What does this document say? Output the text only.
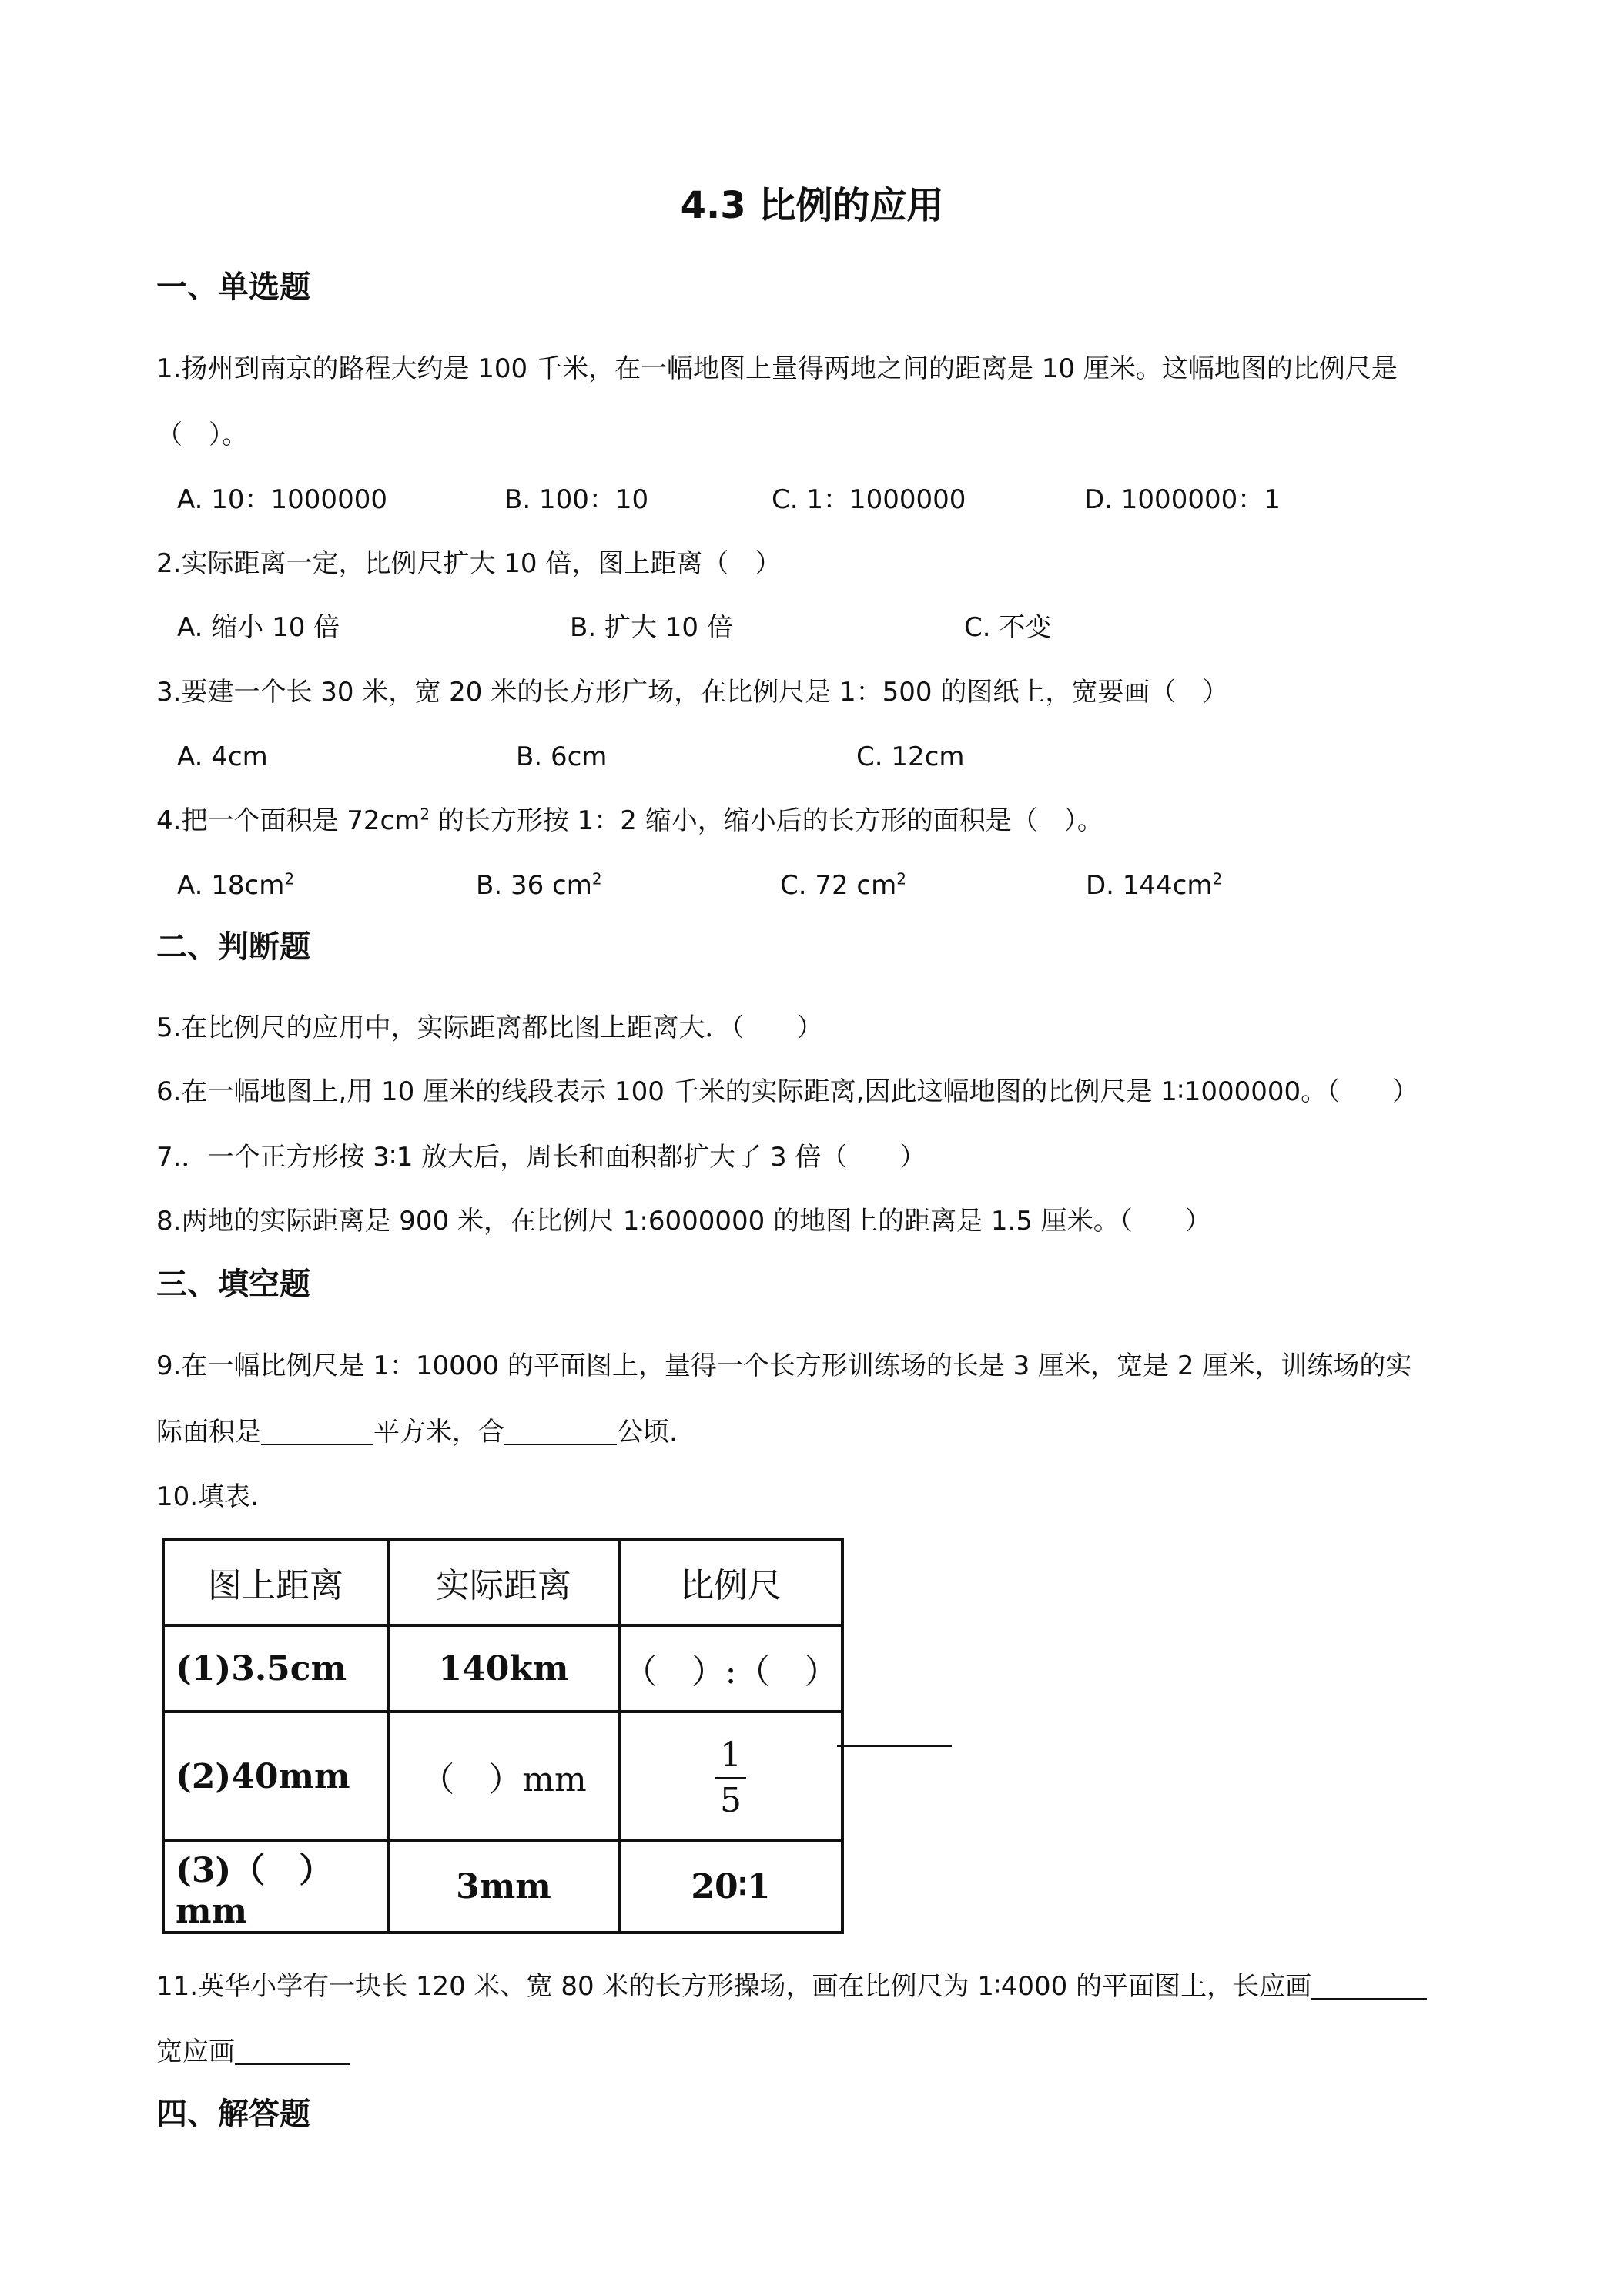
4.3 比例的应用
一、单选题
1.扬州到南京的路程大约是 100 千米，在一幅地图上量得两地之间的距离是 10 厘米。这幅地图的比例尺是
（　）。
A. 10：1000000	B. 100：10	C. 1：1000000	D. 1000000：1
2.实际距离一定，比例尺扩大 10 倍，图上距离（　）
A. 缩小 10 倍	B. 扩大 10 倍	C. 不变
3.要建一个长 30 米，宽 20 米的长方形广场，在比例尺是 1：500 的图纸上，宽要画（　）
A. 4cm	B. 6cm	C. 12cm
4.把一个面积是 $72cm^2$ 的长方形按 1：2 缩小，缩小后的长方形的面积是（　）。
A. $18cm^2$	B. 36 $cm^2$	C. 72 $cm^2$	D. $144cm^2$
二、判断题
5.在比例尺的应用中，实际距离都比图上距离大．（　　）
6.在一幅地图上,用 10 厘米的线段表示 100 千米的实际距离,因此这幅地图的比例尺是 1∶1000000。（　　）
7.．一个正方形按 3∶1 放大后，周长和面积都扩大了 3 倍（　　）
8.两地的实际距离是 900 米，在比例尺 1:6000000 的地图上的距离是 1.5 厘米。（　　）
三、填空题
9.在一幅比例尺是 1：10000 的平面图上，量得一个长方形训练场的长是 3 厘米，宽是 2 厘米，训练场的实
际面积是	平方米，合	公顷.
10.填表.
图上距离	实际距离	比例尺
(1)3.5cm	140km	（　）:（　）
(2)40mm	（　）mm	$\frac{1}{5}$

(3)（　）mm	3mm	20∶1
11.英华小学有一块长 120 米、宽 80 米的长方形操场，画在比例尺为 1∶4000 的平面图上，长应画
宽应画
四、解答题
